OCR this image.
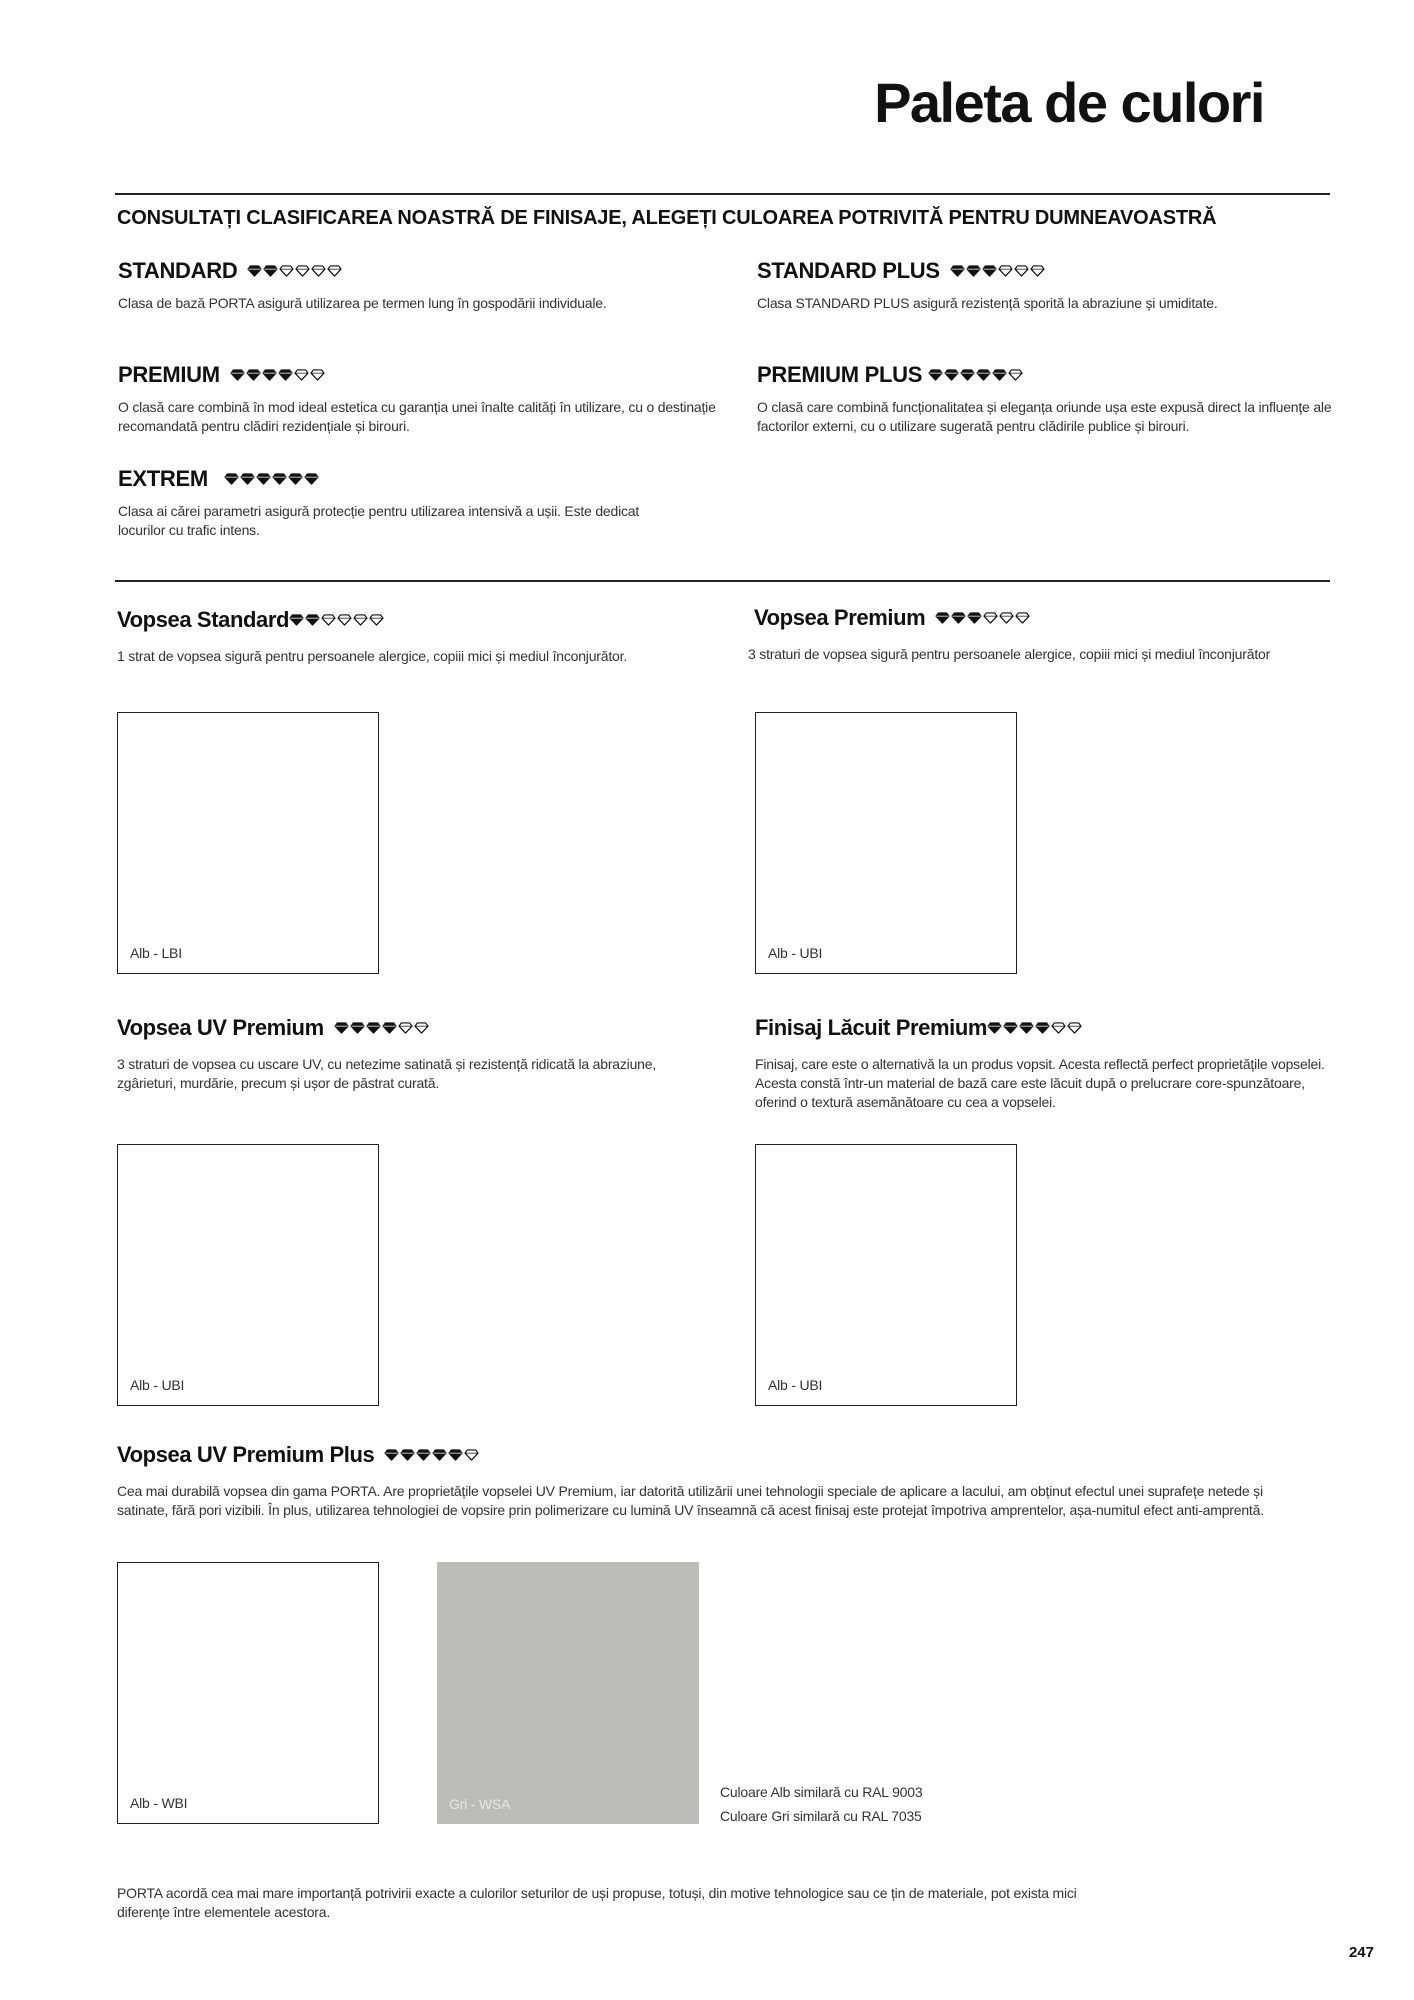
Paleta de culori
CONSULTAȚI CLASIFICAREA NOASTRĂ DE FINISAJE, ALEGEȚI CULOAREA POTRIVITĂ PENTRU DUMNEAVOASTRĂ
STANDARD
Clasa de bază PORTA asigură utilizarea pe termen lung în gospodării individuale.
STANDARD PLUS
Clasa STANDARD PLUS asigură rezistență sporită la abraziune și umiditate.
PREMIUM
O clasă care combină în mod ideal estetica cu garanția unei înalte calități în utilizare, cu o destinație recomandată pentru clădiri rezidențiale și birouri.
PREMIUM PLUS
O clasă care combină funcționalitatea și eleganța oriunde ușa este expusă direct la influențe ale factorilor externi, cu o utilizare sugerată pentru clădirile publice și birouri.
EXTREM
Clasa ai cărei parametri asigură protecție pentru utilizarea intensivă a ușii. Este dedicat locurilor cu trafic intens.
Vopsea Standard
1 strat de vopsea sigură pentru persoanele alergice, copiii mici și mediul înconjurător.
Alb - LBI
Vopsea Premium
3 straturi de vopsea sigură pentru persoanele alergice, copiii mici și mediul înconjurător
Alb - UBI
Vopsea UV Premium
3 straturi de vopsea cu uscare UV, cu netezime satinată și rezistență ridicată la abraziune, zgârieturi, murdărie, precum și ușor de păstrat curată.
Alb - UBI
Finisaj Lăcuit Premium
Finisaj, care este o alternativă la un produs vopsit. Acesta reflectă perfect proprietățile vopselei. Acesta constă într-un material de bază care este lăcuit după o prelucrare core-spunzătoare, oferind o textură asemănătoare cu cea a vopselei.
Alb - UBI
Vopsea UV Premium Plus
Cea mai durabilă vopsea din gama PORTA. Are proprietățile vopselei UV Premium, iar datorită utilizării unei tehnologii speciale de aplicare a lacului, am obținut efectul unei suprafețe netede și satinate, fără pori vizibili. În plus, utilizarea tehnologiei de vopsire prin polimerizare cu lumină UV înseamnă că acest finisaj este protejat împotriva amprentelor, așa-numitul efect anti-amprentă.
Alb - WBI	Gri - WSA
Culoare Alb similară cu RAL 9003
Culoare Gri similară cu RAL 7035
PORTA acordă cea mai mare importanță potrivirii exacte a culorilor seturilor de uși propuse, totuși, din motive tehnologice sau ce țin de materiale, pot exista mici diferențe între elementele acestora.
247
